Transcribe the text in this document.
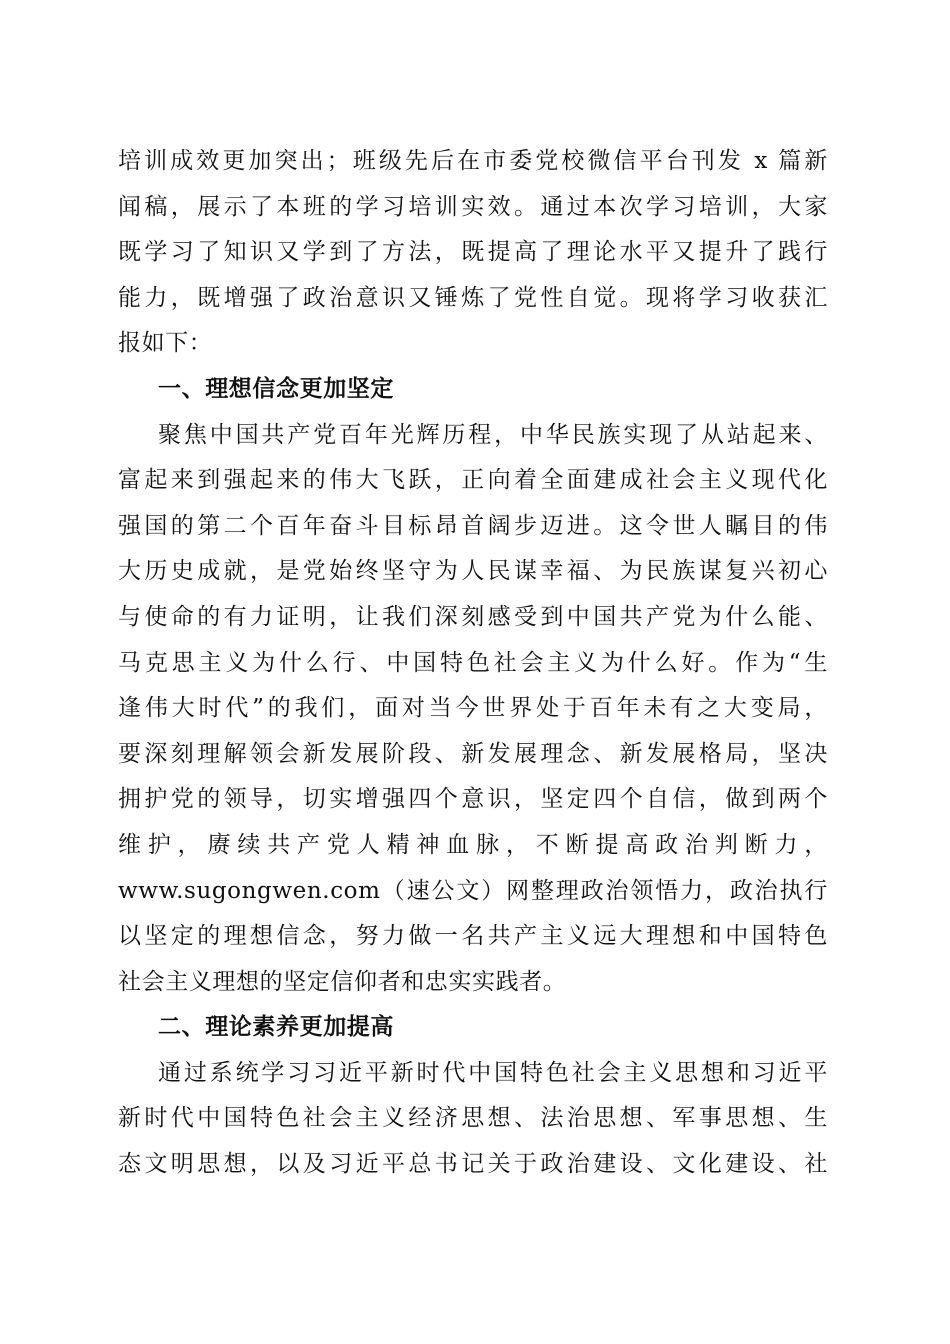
培训成效更加突出；班级先后在市委党校微信平台刊发 x 篇新
闻稿，展示了本班的学习培训实效。通过本次学习培训，大家
既学习了知识又学到了方法，既提高了理论水平又提升了践行
能力，既增强了政治意识又锤炼了党性自觉。现将学习收获汇
报如下：
一、理想信念更加坚定
聚焦中国共产党百年光辉历程，中华民族实现了从站起来、
富起来到强起来的伟大飞跃，正向着全面建成社会主义现代化
强国的第二个百年奋斗目标昂首阔步迈进。这令世人瞩目的伟
大历史成就，是党始终坚守为人民谋幸福、为民族谋复兴初心
与使命的有力证明，让我们深刻感受到中国共产党为什么能、
马克思主义为什么行、中国特色社会主义为什么好。作为“生
逢伟大时代”的我们，面对当今世界处于百年未有之大变局，
要深刻理解领会新发展阶段、新发展理念、新发展格局，坚决
拥护党的领导，切实增强四个意识，坚定四个自信，做到两个
维护，赓续共产党人精神血脉，不断提高政治判断力，
www.sugongwen.com（速公文）网整理政治领悟力，政治执行
以坚定的理想信念，努力做一名共产主义远大理想和中国特色
社会主义理想的坚定信仰者和忠实实践者。
二、理论素养更加提高
通过系统学习习近平新时代中国特色社会主义思想和习近平
新时代中国特色社会主义经济思想、法治思想、军事思想、生
态文明思想，以及习近平总书记关于政治建设、文化建设、社
